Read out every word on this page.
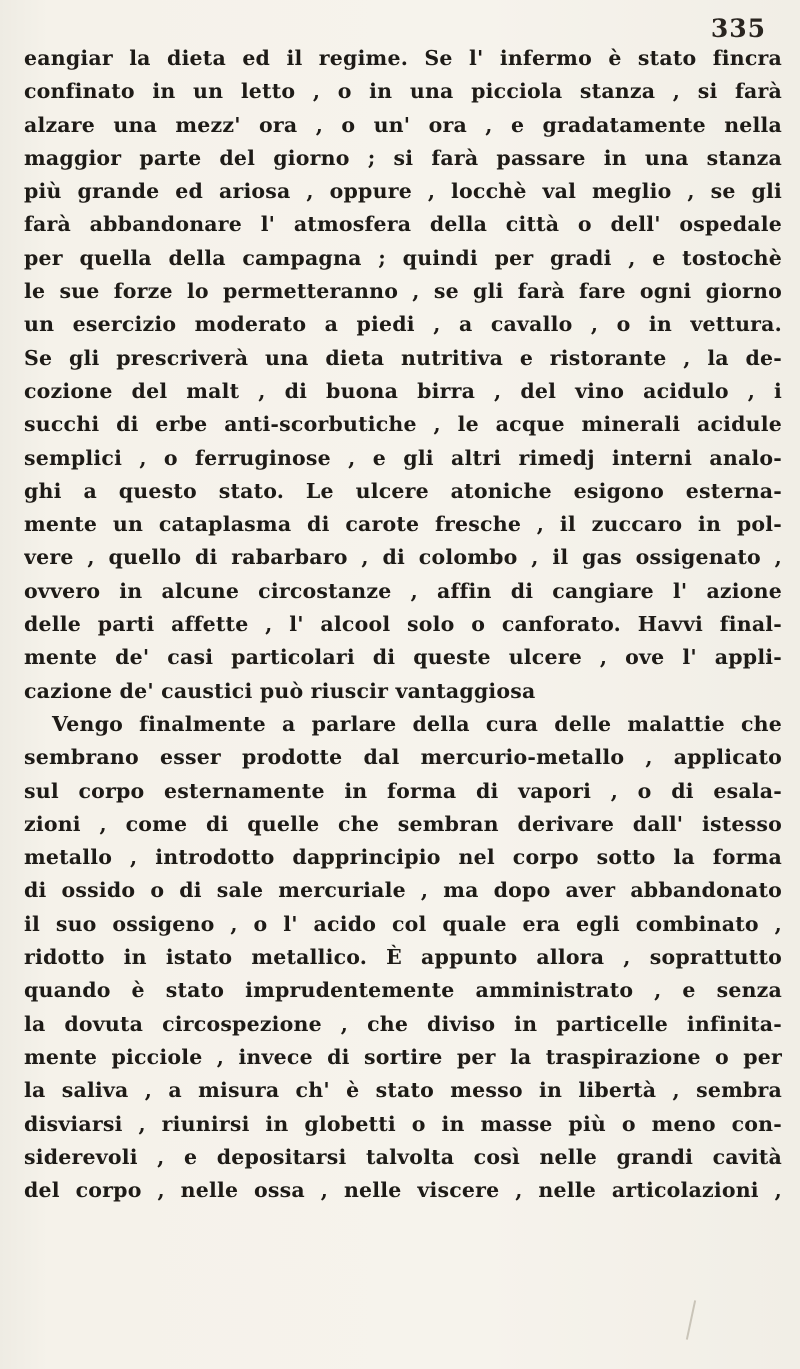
335
eangiar la dieta ed il regime. Se l' infermo è stato fincra
confinato in un letto , o in una picciola stanza , si farà
alzare una mezz' ora , o un' ora , e gradatamente nella
maggior parte del giorno ; si farà passare in una stanza
più grande ed ariosa , oppure , locchè val meglio , se gli
farà abbandonare l' atmosfera della città o dell' ospedale
per quella della campagna ; quindi per gradi , e tostochè
le sue forze lo permetteranno , se gli farà fare ogni giorno
un esercizio moderato a piedi , a cavallo , o in vettura.
Se gli prescriverà una dieta nutritiva e ristorante , la de-
cozione del malt , di buona birra , del vino acidulo , i
succhi di erbe anti-scorbutiche , le acque minerali acidule
semplici , o ferruginose , e gli altri rimedj interni analo-
ghi a questo stato. Le ulcere atoniche esigono esterna-
mente un cataplasma di carote fresche , il zuccaro in pol-
vere , quello di rabarbaro , di colombo , il gas ossigenato ,
ovvero in alcune circostanze , affin di cangiare l' azione
delle parti affette , l' alcool solo o canforato. Havvi final-
mente de' casi particolari di queste ulcere , ove l' appli-
cazione de' caustici può riuscir vantaggiosa
Vengo finalmente a parlare della cura delle malattie che
sembrano esser prodotte dal mercurio-metallo , applicato
sul corpo esternamente in forma di vapori , o di esala-
zioni , come di quelle che sembran derivare dall' istesso
metallo , introdotto dapprincipio nel corpo sotto la forma
di ossido o di sale mercuriale , ma dopo aver abbandonato
il suo ossigeno , o l' acido col quale era egli combinato ,
ridotto in istato metallico. È appunto allora , soprattutto
quando è stato imprudentemente amministrato , e senza
la dovuta circospezione , che diviso in particelle infinita-
mente picciole , invece di sortire per la traspirazione o per
la saliva , a misura ch' è stato messo in libertà , sembra
disviarsi , riunirsi in globetti o in masse più o meno con-
siderevoli , e depositarsi talvolta così nelle grandi cavità
del corpo , nelle ossa , nelle viscere , nelle articolazioni ,
